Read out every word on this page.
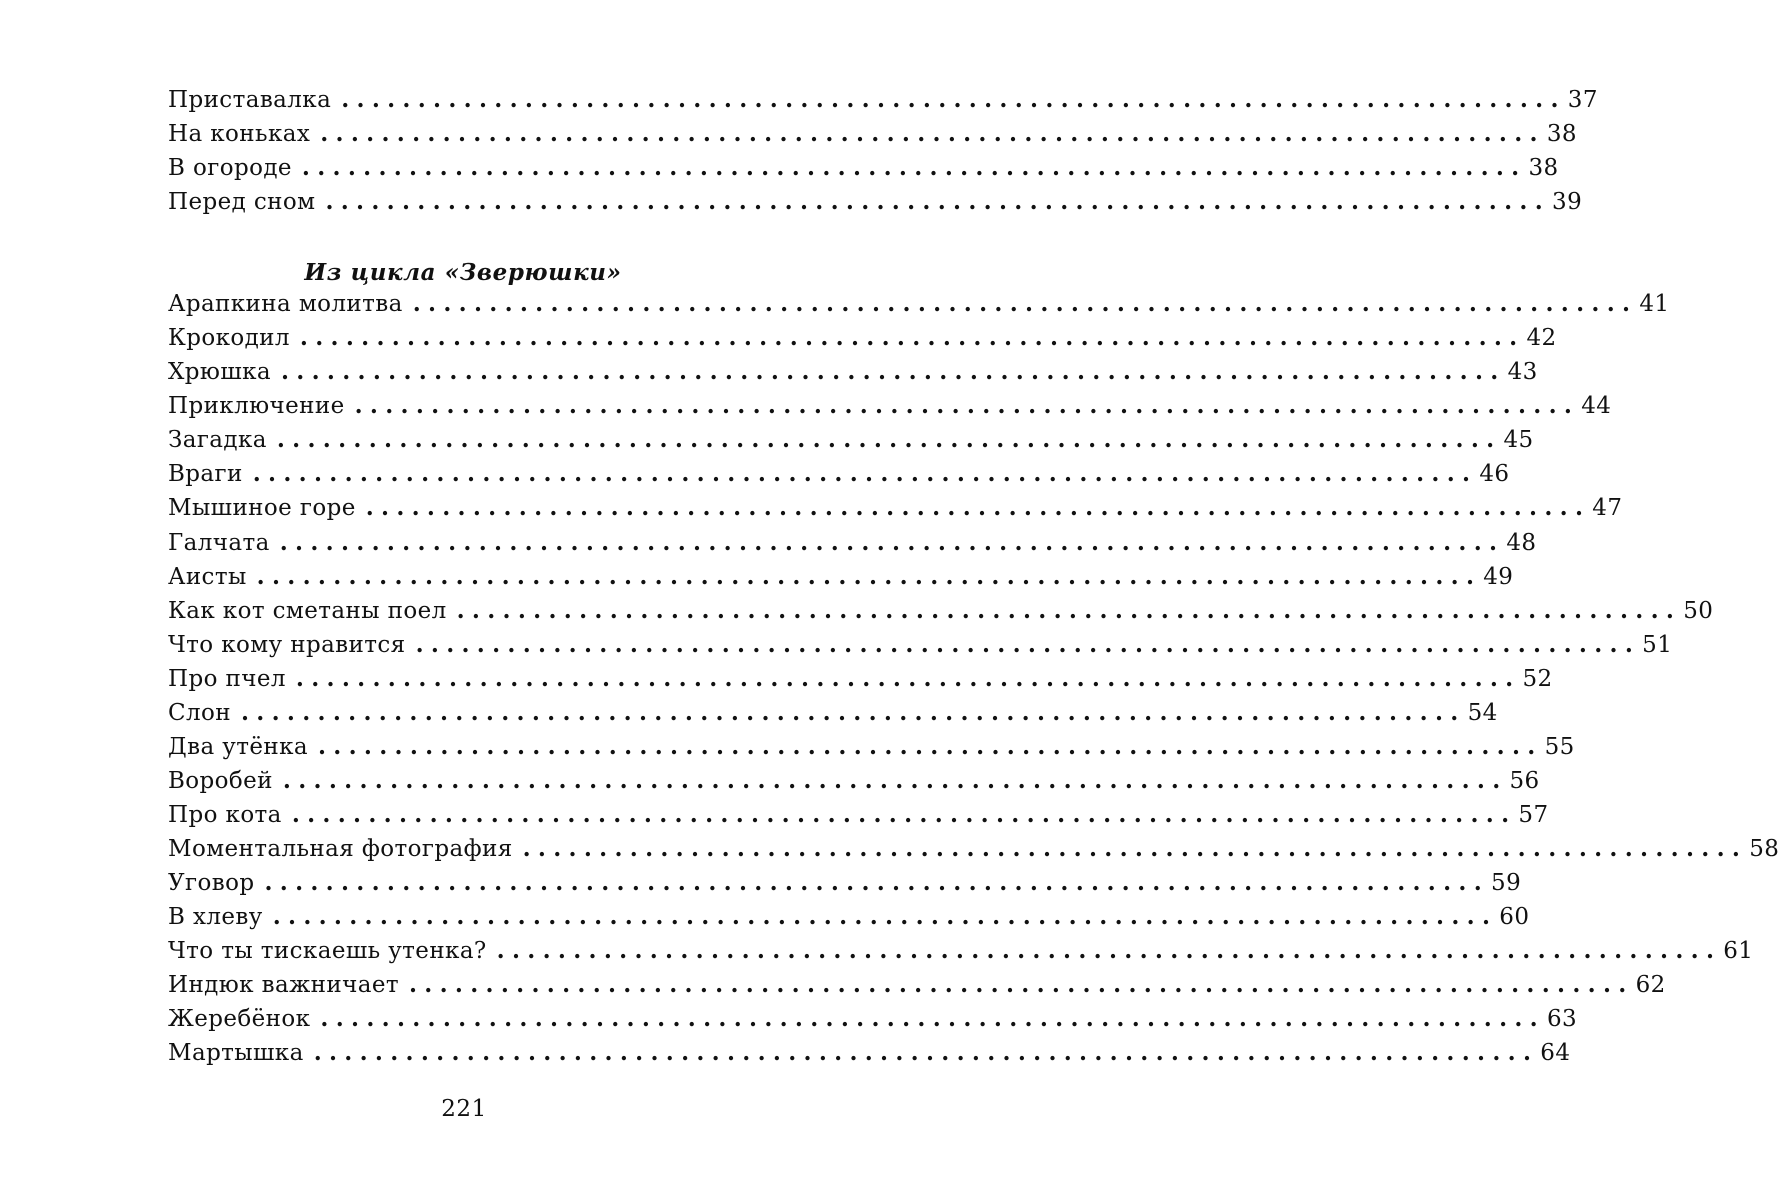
Приставалка ................................................................................ 37
На коньках ................................................................................ 38
В огороде ................................................................................ 38
Перед сном ................................................................................ 39
Из цикла «Зверюшки»
Арапкина молитва ................................................................................ 41
Крокодил ................................................................................ 42
Хрюшка ................................................................................ 43
Приключение ................................................................................ 44
Загадка ................................................................................ 45
Враги ................................................................................ 46
Мышиное горе ................................................................................ 47
Галчата ................................................................................ 48
Аисты ................................................................................ 49
Как кот сметаны поел ................................................................................ 50
Что кому нравится ................................................................................ 51
Про пчел ................................................................................ 52
Слон ................................................................................ 54
Два утёнка ................................................................................ 55
Воробей ................................................................................ 56
Про кота ................................................................................ 57
Моментальная фотография ................................................................................ 58
Уговор ................................................................................ 59
В хлеву ................................................................................ 60
Что ты тискаешь утенка? ................................................................................ 61
Индюк важничает ................................................................................ 62
Жеребёнок ................................................................................ 63
Мартышка ................................................................................ 64
221
